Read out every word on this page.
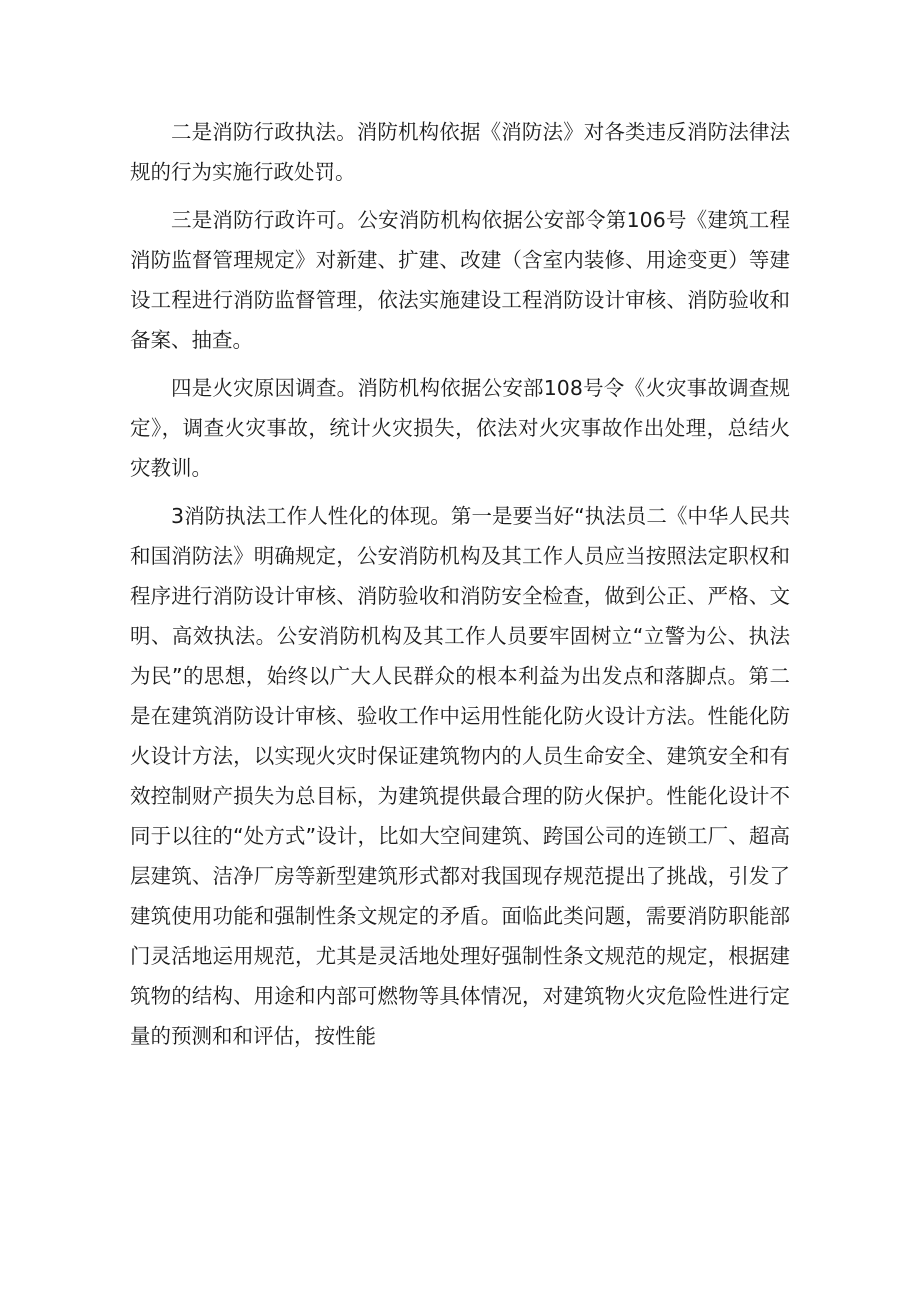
二是消防行政执法。消防机构依据《消防法》对各类违反消防法律法规的行为实施行政处罚。

三是消防行政许可。公安消防机构依据公安部令第106号《建筑工程消防监督管理规定》对新建、扩建、改建（含室内装修、用途变更）等建设工程进行消防监督管理，依法实施建设工程消防设计审核、消防验收和备案、抽查。

四是火灾原因调查。消防机构依据公安部108号令《火灾事故调查规定》，调查火灾事故，统计火灾损失，依法对火灾事故作出处理，总结火灾教训。

3消防执法工作人性化的体现。第一是要当好“执法员二《中华人民共和国消防法》明确规定，公安消防机构及其工作人员应当按照法定职权和程序进行消防设计审核、消防验收和消防安全检查，做到公正、严格、文明、高效执法。公安消防机构及其工作人员要牢固树立“立警为公、执法为民”的思想，始终以广大人民群众的根本利益为出发点和落脚点。第二是在建筑消防设计审核、验收工作中运用性能化防火设计方法。性能化防火设计方法，以实现火灾时保证建筑物内的人员生命安全、建筑安全和有效控制财产损失为总目标，为建筑提供最合理的防火保护。性能化设计不同于以往的“处方式”设计，比如大空间建筑、跨国公司的连锁工厂、超高层建筑、洁净厂房等新型建筑形式都对我国现存规范提出了挑战，引发了建筑使用功能和强制性条文规定的矛盾。面临此类问题，需要消防职能部门灵活地运用规范，尤其是灵活地处理好强制性条文规范的规定，根据建筑物的结构、用途和内部可燃物等具体情况，对建筑物火灾危险性进行定量的预测和和评估，按性能
